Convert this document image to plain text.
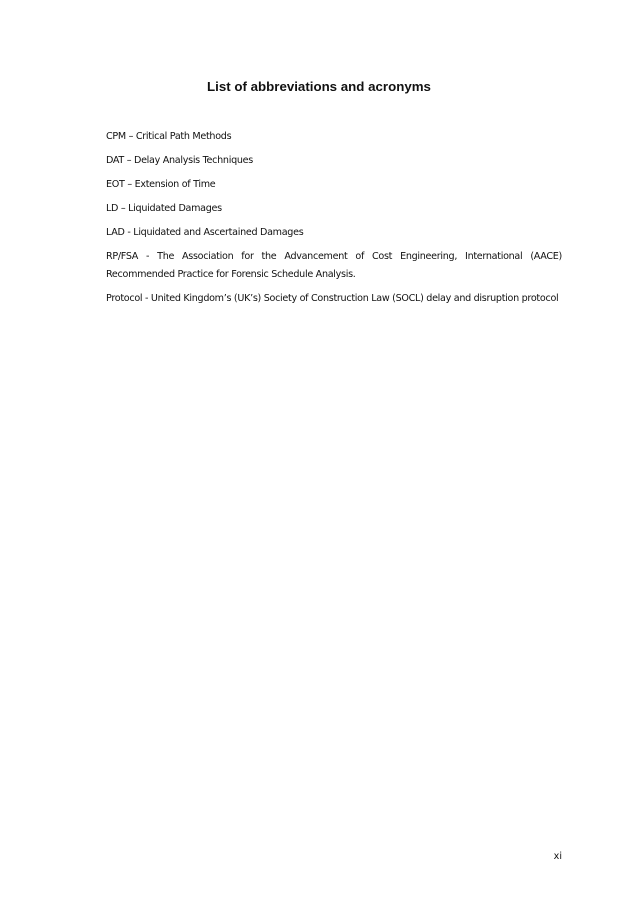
List of abbreviations and acronyms

CPM – Critical Path Methods

DAT – Delay Analysis Techniques

EOT – Extension of Time

LD – Liquidated Damages

LAD - Liquidated and Ascertained Damages

RP/FSA - The Association for the Advancement of Cost Engineering, International (AACE) Recommended Practice for Forensic Schedule Analysis.

Protocol - United Kingdom’s (UK’s) Society of Construction Law (SOCL) delay and disruption protocol

xi
